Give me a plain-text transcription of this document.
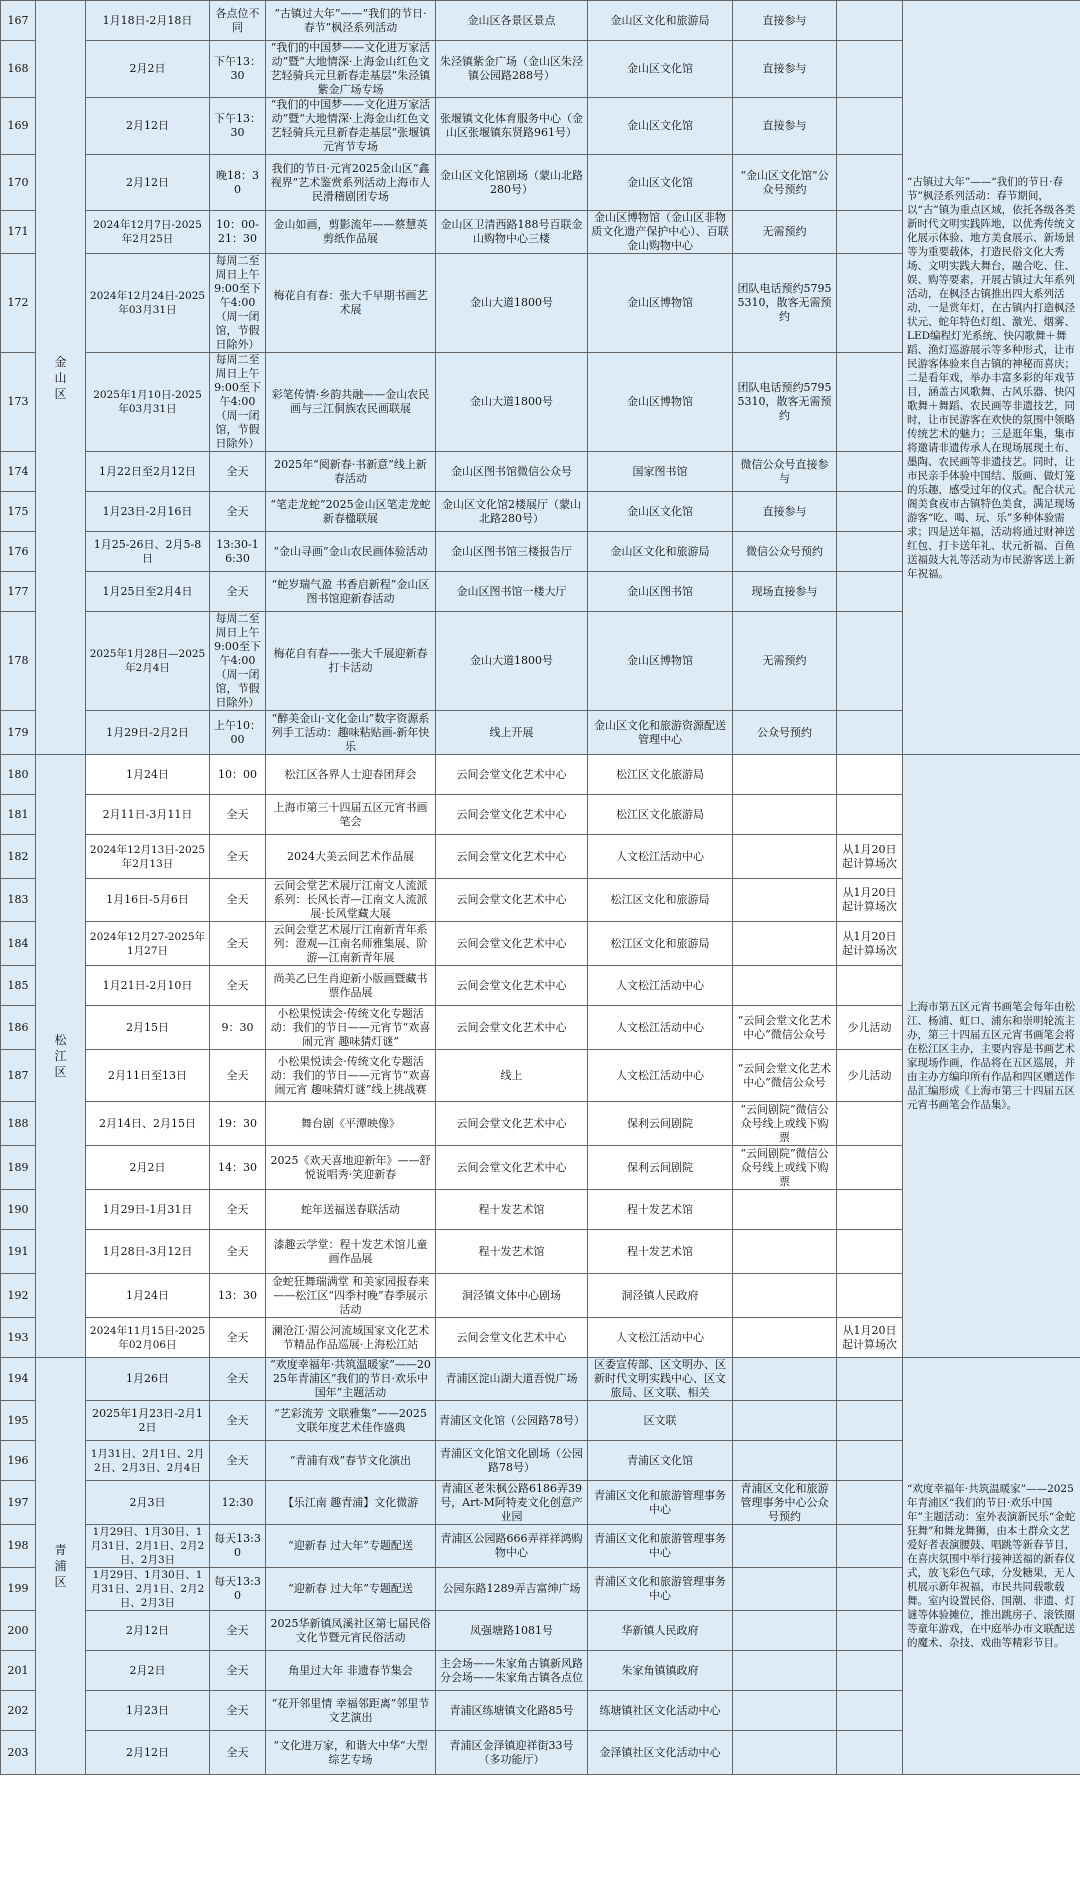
167	金山区	1月18日-2月18日	各点位不同	“古镇过大年”——“我们的节日·春节”枫泾系列活动	金山区各景区景点	金山区文化和旅游局	直接参与		“古镇过大年”——“我们的节日·春节”枫泾系列活动：春节期间，以“古”镇为重点区域，依托各级各类新时代文明实践阵地，以优秀传统文化展示体验、地方美食展示、新场景等为重要载体，打造民俗文化大秀场、文明实践大舞台，融合吃、住、娱、购等要素，开展古镇过大年系列活动，在枫泾古镇推出四大系列活动，一是赏年灯，在古镇内打造枫泾状元、蛇年特色灯组、激光、烟雾、LED编程灯光系统、快闪歌舞＋舞蹈、渔灯巡游展示等多种形式，让市民游客体验来自古镇的神秘而喜庆；二是看年戏，举办丰富多彩的年戏节目，涵盖古风歌舞、古风乐器、快闪歌舞＋舞蹈、农民画等非遗技艺，同时，让市民游客在欢快的氛围中领略传统艺术的魅力；三是逛年集，集市将邀请非遗传承人在现场展现土布、墨陶、农民画等非遗技艺。同时，让市民亲手体验中国结、版画、做灯笼的乐趣，感受过年的仪式。配合状元阁美食夜市古镇特色美食，满足现场游客“吃、喝、玩、乐”多种体验需求；四是送年福，活动将通过财神送红包、打卡送年礼、状元祈福、百鱼送福鼓大礼等活动为市民游客送上新年祝福。
168		2月2日	下午13：30	“我们的中国梦——文化进万家活动”暨“大地情深·上海金山红色文艺轻骑兵元旦新春走基层”朱泾镇紫金广场专场	朱泾镇紫金广场（金山区朱泾镇公园路288号）	金山区文化馆	直接参与		
169		2月12日	下午13：30	“我们的中国梦——文化进万家活动”暨“大地情深·上海金山红色文艺轻骑兵元旦新春走基层”张堰镇元宵节专场	张堰镇文化体育服务中心（金山区张堰镇东贤路961号）	金山区文化馆	直接参与		
170		2月12日	晚18：30	我们的节日·元宵2025金山区“鑫视界”艺术鉴赏系列活动上海市人民滑稽剧团专场	金山区文化馆剧场（蒙山北路280号）	金山区文化馆	“金山区文化馆”公众号预约		
171		2024年12月7日-2025年2月25日	10：00-21：30	金山如画，剪影流年——蔡慧英剪纸作品展	金山区卫清西路188号百联金山购物中心三楼	金山区博物馆（金山区非物质文化遗产保护中心）、百联金山购物中心	无需预约		
172		2024年12月24日-2025年03月31日	每周二至周日上午9:00至下午4:00（周一闭馆，节假日除外）	梅花自有春：张大千早期书画艺术展	金山大道1800号	金山区博物馆	团队电话预约57955310，散客无需预约		
173		2025年1月10日-2025年03月31日	每周二至周日上午9:00至下午4:00（周一闭馆，节假日除外）	彩笔传情·乡韵共融——金山农民画与三江侗族农民画联展	金山大道1800号	金山区博物馆	团队电话预约57955310，散客无需预约		
174		1月22日至2月12日	全天	2025年“阅新春·书新意”线上新春活动	金山区图书馆微信公众号	国家图书馆	微信公众号直接参与		
175		1月23日-2月16日	全天	“笔走龙蛇”2025金山区笔走龙蛇新春楹联展	金山区文化馆2楼展厅（蒙山北路280号）	金山区文化馆	直接参与		
176		1月25-26日、2月5-8日	13:30-16:30	“金山寻画”金山农民画体验活动	金山区图书馆三楼报告厅	金山区文化和旅游局	微信公众号预约		
177		1月25日至2月4日	全天	“蛇岁瑞气盈 书香启新程”金山区图书馆迎新春活动	金山区图书馆一楼大厅	金山区图书馆	现场直接参与		
178		2025年1月28日—2025年2月4日	每周二至周日上午9:00至下午4:00（周一闭馆，节假日除外）	梅花自有春——张大千展迎新春打卡活动	金山大道1800号	金山区博物馆	无需预约		
179		1月29日-2月2日	上午10：00	“醉美金山·文化金山”数字资源系列手工活动：趣味粘贴画-新年快乐	线上开展	金山区文化和旅游资源配送管理中心	公众号预约		
180	松江区	1月24日	10：00	松江区各界人士迎春团拜会	云间会堂文化艺术中心	松江区文化旅游局			上海市第五区元宵书画笔会每年由松江、杨浦、虹口、浦东和崇明轮流主办，第三十四届五区元宵书画笔会将在松江区主办，主要内容是书画艺术家现场作画，作品将在五区巡展，并由主办方编印所有作品和四区赠送作品汇编形成《上海市第三十四届五区元宵书画笔会作品集》。
181		2月11日-3月11日	全天	上海市第三十四届五区元宵书画笔会	云间会堂文化艺术中心	松江区文化旅游局			
182		2024年12月13日-2025年2月13日	全天	2024大美云间艺术作品展	云间会堂文化艺术中心	人文松江活动中心		从1月20日起计算场次	
183		1月16日-5月6日	全天	云间会堂艺术展厅江南文人流派系列：长风长青—江南文人流派展·长风堂藏大展	云间会堂文化艺术中心	松江区文化和旅游局		从1月20日起计算场次	
184		2024年12月27-2025年1月27日	全天	云间会堂艺术展厅江南新青年系列：澄观—江南名师雅集展、阶游—江南新青年展	云间会堂文化艺术中心	松江区文化和旅游局		从1月20日起计算场次	
185		1月21日-2月10日	全天	尚美乙巳生肖迎新小版画暨藏书票作品展	云间会堂文化艺术中心	人文松江活动中心			
186		2月15日	9：30	小松果悦读会·传统文化专题活动：我们的节日——元宵节“欢喜闹元宵 趣味猜灯谜”	云间会堂文化艺术中心	人文松江活动中心	“云间会堂文化艺术中心”微信公众号	少儿活动	
187		2月11日至13日	全天	小松果悦读会·传统文化专题活动：我们的节日——元宵节“欢喜闹元宵 趣味猜灯谜”线上挑战赛	线上	人文松江活动中心	“云间会堂文化艺术中心”微信公众号	少儿活动	
188		2月14日、2月15日	19：30	舞台剧《平潭映像》	云间会堂文化艺术中心	保利云间剧院	“云间剧院”微信公众号线上或线下购票		
189		2月2日	14：30	2025《欢天喜地迎新年》——舒悦说唱秀·笑迎新春	云间会堂文化艺术中心	保利云间剧院	“云间剧院”微信公众号线上或线下购票		
190		1月29日-1月31日	全天	蛇年送福送春联活动	程十发艺术馆	程十发艺术馆			
191		1月28日-3月12日	全天	漆趣云学堂：程十发艺术馆儿童画作品展	程十发艺术馆	程十发艺术馆			
192		1月24日	13：30	金蛇狂舞瑞满堂 和美家园报春来——松江区“四季村晚”春季展示活动	洞泾镇文体中心剧场	洞泾镇人民政府			
193		2024年11月15日-2025年02月06日	全天	澜沧江·湄公河流域国家文化艺术节精品作品巡展·上海松江站	云间会堂文化艺术中心	人文松江活动中心		从1月20日起计算场次	
194	青浦区	1月26日	全天	“欢度幸福年·共筑温暖家”——2025年青浦区“我们的节日·欢乐中国年”主题活动	青浦区淀山湖大道吾悦广场	区委宣传部、区文明办、区新时代文明实践中心、区文旅局、区文联、相关			“欢度幸福年·共筑温暖家”——2025年青浦区“我们的节日·欢乐中国年”主题活动：室外表演新民乐“金蛇狂舞”和舞龙舞狮，由本土群众文艺爱好者表演腰鼓、唱跳等新春节目，在喜庆氛围中举行接神送福的新春仪式，放飞彩色气球，分发糖果，无人机展示新年祝福，市民共同载歌载舞。室内设置民俗、国潮、非遗、灯谜等体验摊位，推出跳房子、滚铁圈等童年游戏，在中庭举办市文联配送的魔术、杂技、戏曲等精彩节目。
195		2025年1月23日-2月12日	全天	“艺彩流芳 文联雅集”——2025文联年度艺术佳作盛典	青浦区文化馆（公园路78号）	区文联			
196		1月31日、2月1日、2月2日、2月3日、2月4日	全天	“青浦有戏”春节文化演出	青浦区文化馆文化剧场（公园路78号）	青浦区文化馆			
197		2月3日	12:30	【乐江南 趣青浦】文化微游	青浦区老朱枫公路6186弄39号，Art-M阿特麦文化创意产业园	青浦区文化和旅游管理事务中心	青浦区文化和旅游管理事务中心公众号预约		
198		1月29日、1月30日、1月31日、2月1日、2月2日、2月3日	每天13:30	“迎新春 过大年”专题配送	青浦区公园路666弄祥祥鸿购物中心	青浦区文化和旅游管理事务中心			
199		1月29日、1月30日、1月31日、2月1日、2月2日、2月3日	每天13:30	“迎新春 过大年”专题配送	公园东路1289弄吉富绅广场	青浦区文化和旅游管理事务中心			
200		2月12日	全天	2025华新镇凤溪社区第七届民俗文化节暨元宵民俗活动	凤强塘路1081号	华新镇人民政府			
201		2月2日	全天	角里过大年 非遗春节集会	主会场——朱家角古镇新风路分会场——朱家角古镇各点位	朱家角镇镇政府			
202		1月23日	全天	“花开邻里情 幸福邻距离”邻里节文艺演出	青浦区练塘镇文化路85号	练塘镇社区文化活动中心			
203		2月12日	全天	“文化进万家，和谐大中华”大型综艺专场	青浦区金泽镇迎祥街33号（多功能厅）	金泽镇社区文化活动中心			
